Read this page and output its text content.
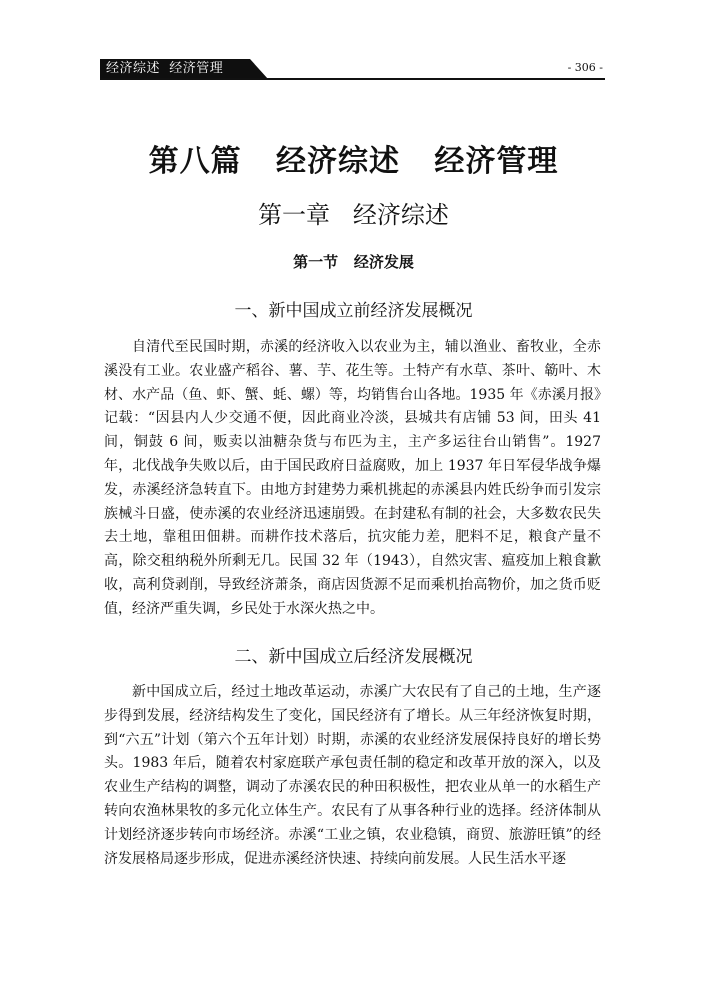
经济综述  经济管理	- 306 -
第八篇   经济综述   经济管理
第一章   经济综述
第一节   经济发展
一、新中国成立前经济发展概况

自清代至民国时期，赤溪的经济收入以农业为主，辅以渔业、畜牧业，全赤溪没有工业。农业盛产稻谷、薯、芋、花生等。土特产有水草、茶叶、簕叶、木材、水产品（鱼、虾、蟹、蚝、螺）等，均销售台山各地。1935 年《赤溪月报》记载：“因县内人少交通不便，因此商业冷淡，县城共有店铺 53 间，田头 41 间，铜鼓 6 间，贩卖以油糖杂货与布匹为主，主产多运往台山销售”。1927 年，北伐战争失败以后，由于国民政府日益腐败，加上 1937 年日军侵华战争爆发，赤溪经济急转直下。由地方封建势力乘机挑起的赤溪县内姓氏纷争而引发宗族械斗日盛，使赤溪的农业经济迅速崩毁。在封建私有制的社会，大多数农民失去土地，靠租田佃耕。而耕作技术落后，抗灾能力差，肥料不足，粮食产量不高，除交租纳税外所剩无几。民国 32 年（1943），自然灾害、瘟疫加上粮食歉收，高利贷剥削，导致经济萧条，商店因货源不足而乘机抬高物价，加之货币贬值，经济严重失调，乡民处于水深火热之中。

二、新中国成立后经济发展概况

新中国成立后，经过土地改革运动，赤溪广大农民有了自己的土地，生产逐步得到发展，经济结构发生了变化，国民经济有了增长。从三年经济恢复时期，到“六五”计划（第六个五年计划）时期，赤溪的农业经济发展保持良好的增长势头。1983 年后，随着农村家庭联产承包责任制的稳定和改革开放的深入，以及农业生产结构的调整，调动了赤溪农民的种田积极性，把农业从单一的水稻生产转向农渔林果牧的多元化立体生产。农民有了从事各种行业的选择。经济体制从计划经济逐步转向市场经济。赤溪“工业之镇，农业稳镇，商贸、旅游旺镇”的经济发展格局逐步形成，促进赤溪经济快速、持续向前发展。人民生活水平逐
